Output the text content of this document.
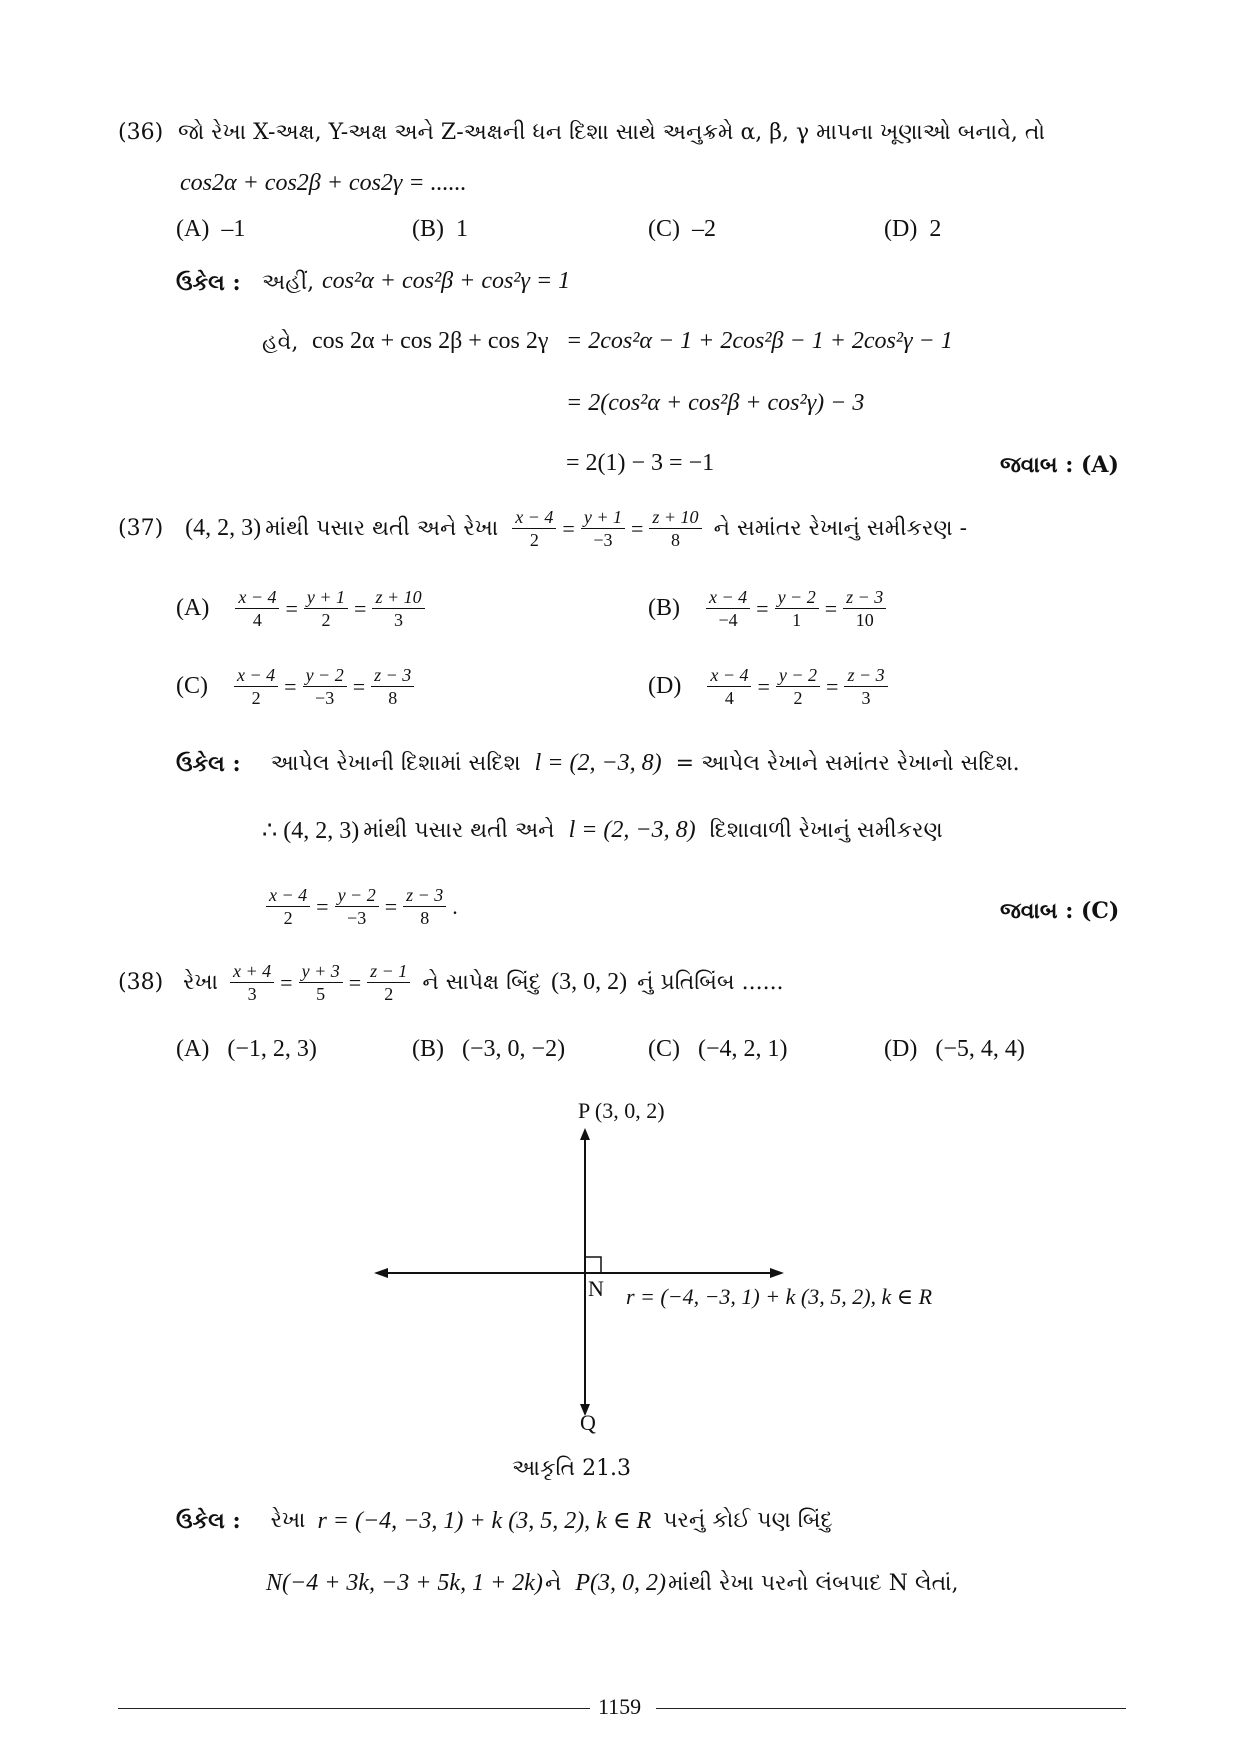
(36) જો રેખા X-અક્ષ, Y-અક્ષ અને Z-અક્ષની ધન દિશા સાથે અનુક્રમે α, β, γ માપના ખૂણાઓ બનાવે, તો
cos2α + cos2β + cos2γ = ......
(A) –1	(B) 1	(C) –2	(D) 2
ઉકેલ : અહીં, cos²α + cos²β + cos²γ = 1
હવે, cos 2α + cos 2β + cos 2γ = 2cos²α − 1 + 2cos²β − 1 + 2cos²γ − 1
= 2(cos²α + cos²β + cos²γ) − 3
= 2(1) − 3 = −1	જવાબ : (A)
(37) (4, 2, 3) માંથી પસાર થતી અને રેખા $\frac{x - 4}{2} = \frac{y + 1}{-3} = \frac{z + 10}{8}$ ને સમાંતર રેખાનું સમીકરણ -
$(A) \frac{x - 4}{4} = \frac{y + 1}{2} = \frac{z + 10}{3}$	$(B) \frac{x - 4}{-4} = \frac{y - 2}{1} = \frac{z - 3}{10}$
$(C) \frac{x - 4}{2} = \frac{y - 2}{-3} = \frac{z - 3}{8}$	$(D) \frac{x - 4}{4} = \frac{y - 2}{2} = \frac{z - 3}{3}$
ઉકેલ : આપેલ રેખાની દિશામાં સદિશ l = (2, −3, 8) = આપેલ રેખાને સમાંતર રેખાનો સદિશ.
∴ (4, 2, 3) માંથી પસાર થતી અને l = (2, −3, 8) દિશાવાળી રેખાનું સમીકરણ
$\frac{x - 4}{2} = \frac{y - 2}{-3} = \frac{z - 3}{8}$ .	જવાબ : (C)
(38) રેખા $\frac{x + 4}{3} = \frac{y + 3}{5} = \frac{z - 1}{2}$ ને સાપેક્ષ બિંદુ (3, 0, 2) નું પ્રતિબિંબ ......
(A) (−1, 2, 3)	(B) (−3, 0, −2)	(C) (−4, 2, 1)	(D) (−5, 4, 4)
P (3, 0, 2)
N
Q
r = (−4, −3, 1) + k (3, 5, 2), k ∈ R
આકૃતિ 21.3
ઉકેલ : રેખા r = (−4, −3, 1) + k (3, 5, 2), k ∈ R પરનું કોઈ પણ બિંદુ
N(−4 + 3k, −3 + 5k, 1 + 2k) ને P(3, 0, 2) માંથી રેખા પરનો લંબપાદ N લેતાં,
1159
